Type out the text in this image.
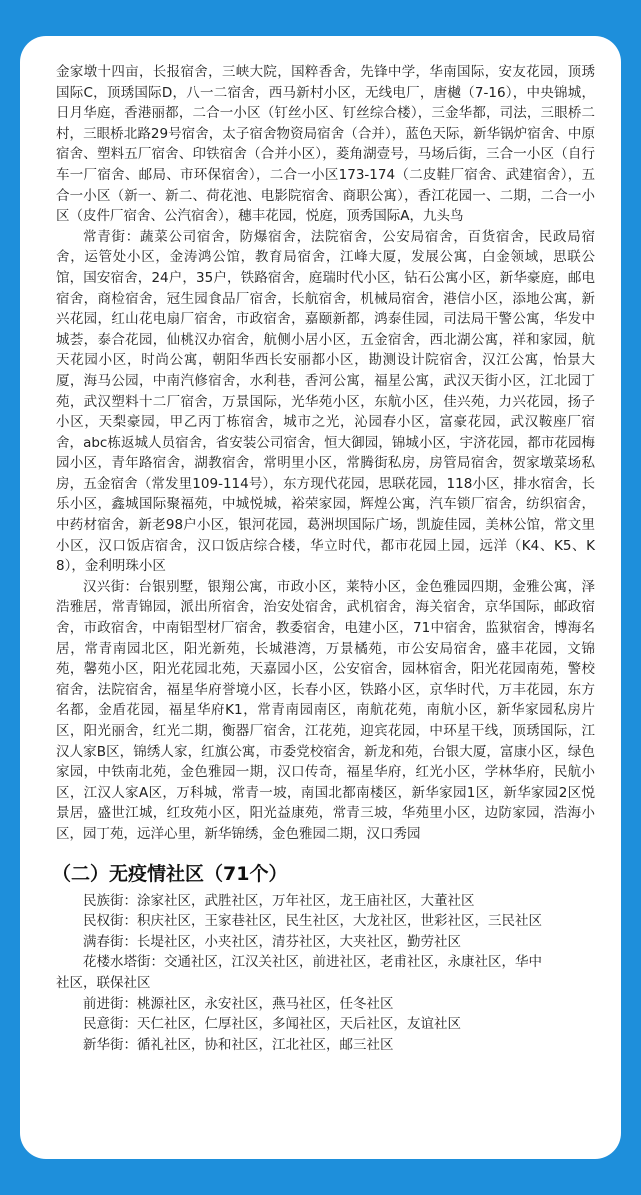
金家墩十四亩，长报宿舍，三峡大院，国粹香舍，先锋中学，华南国际，安友花园，顶琇国际C，顶琇国际D，八一二宿舍，西马新村小区，无线电厂，唐樾（7-16），中央锦城，日月华庭，香港丽都，二合一小区（钉丝小区、钉丝综合楼），三金华都，司法，三眼桥二村，三眼桥北路29号宿舍，太子宿舍物资局宿舍（合并），蓝色天际，新华锅炉宿舍、中原宿舍、塑料五厂宿舍、印铁宿舍（合并小区），菱角湖壹号，马场后街，三合一小区（自行车一厂宿舍、邮局、市环保宿舍），二合一小区173-174（二皮鞋厂宿舍、武建宿舍），五合一小区（新一、新二、荷花池、电影院宿舍、商职公寓），香江花园一、二期，二合一小区（皮件厂宿舍、公汽宿舍），穗丰花园，悦庭，顶秀国际A，九头鸟

常青街：蔬菜公司宿舍，防爆宿舍，法院宿舍，公安局宿舍，百货宿舍，民政局宿舍，运管处小区，金涛鸿公馆，教育局宿舍，江峰大厦，发展公寓，白金领域，思联公馆，国安宿舍，24户，35户，铁路宿舍，庭瑞时代小区，钻石公寓小区，新华豪庭，邮电宿舍，商检宿舍，冠生园食品厂宿舍，长航宿舍，机械局宿舍，港信小区，添地公寓，新兴花园，红山花电扇厂宿舍，市政宿舍，嘉颐新都，鸿泰佳园，司法局干警公寓，华发中城荟，泰合花园，仙桃汉办宿舍，航侧小居小区，五金宿舍，西北湖公寓，祥和家园，航天花园小区，时尚公寓，朝阳华西长安丽都小区，勘测设计院宿舍，汉江公寓，怡景大厦，海马公园，中南汽修宿舍，水利巷，香河公寓，福星公寓，武汉天街小区，江北园丁苑，武汉塑料十二厂宿舍，万景国际，光华苑小区，东航小区，佳兴苑，力兴花园，扬子小区，天梨豪园，甲乙丙丁栋宿舍，城市之光，沁园春小区，富豪花园，武汉鞍座厂宿舍，abc栋返城人员宿舍，省安装公司宿舍，恒大御园，锦城小区，宇济花园，都市花园梅园小区，青年路宿舍，湖教宿舍，常明里小区，常腾街私房，房管局宿舍，贺家墩菜场私房，五金宿舍（常发里109-114号），东方现代花园，思联花园，118小区，排水宿舍，长乐小区，鑫城国际聚福苑，中城悦城，裕荣家园，辉煌公寓，汽车锁厂宿舍，纺织宿舍，中药材宿舍，新老98户小区，银河花园，葛洲坝国际广场，凯旋佳园，美林公馆，常文里小区，汉口饭店宿舍，汉口饭店综合楼，华立时代，都市花园上园，远洋（K4、K5、K8），金利明珠小区

汉兴街：台银别墅，银翔公寓，市政小区，莱特小区，金色雅园四期，金雅公寓，泽浩雅居，常青锦园，派出所宿舍，治安处宿舍，武机宿舍，海关宿舍，京华国际，邮政宿舍，市政宿舍，中南铝型材厂宿舍，教委宿舍，电建小区，71中宿舍，监狱宿舍，博海名居，常青南园北区，阳光新苑，长城港湾，万景橘苑，市公安局宿舍，盛丰花园，文锦苑，馨苑小区，阳光花园北苑，天嘉园小区，公安宿舍，园林宿舍，阳光花园南苑，警校宿舍，法院宿舍，福星华府誉境小区，长春小区，铁路小区，京华时代，万丰花园，东方名都，金盾花园，福星华府K1，常青南园南区，南航花苑，南航小区，新华家园私房片区，阳光丽舍，红光二期，衡器厂宿舍，江花苑，迎宾花园，中环星干线，顶琇国际，江汉人家B区，锦绣人家，红旗公寓，市委党校宿舍，新龙和苑，台银大厦，富康小区，绿色家园，中铁南北苑，金色雅园一期，汉口传奇，福星华府，红光小区，学林华府，民航小区，江汉人家A区，万科城，常青一坡，南国北都南楼区，新华家园1区，新华家园2区悦景居，盛世江城，红玫苑小区，阳光益康苑，常青三坡，华苑里小区，边防家园，浩海小区，园丁苑，远洋心里，新华锦绣，金色雅园二期，汉口秀园

（二）无疫情社区（71个）
民族街：涂家社区，武胜社区，万年社区，龙王庙社区，大董社区
民权街：积庆社区，王家巷社区，民生社区，大龙社区，世彩社区，三民社区
满春街：长堤社区，小夹社区，清芬社区，大夹社区，勤劳社区
花楼水塔街：交通社区，江汉关社区，前进社区，老甫社区，永康社区，华中
社区，联保社区
前进街：桃源社区，永安社区，燕马社区，任冬社区
民意街：天仁社区，仁厚社区，多闻社区，天后社区，友谊社区
新华街：循礼社区，协和社区，江北社区，邮三社区
